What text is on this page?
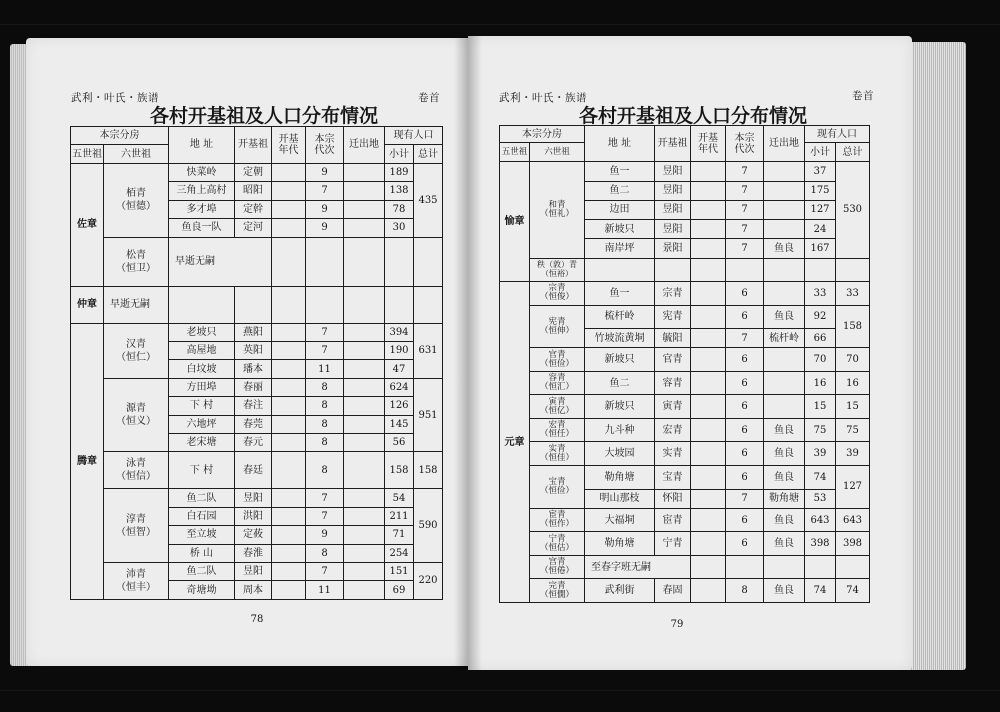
武利・叶氏・族谱	卷首
各村开基祖及人口分布情况
武利・叶氏・族谱	卷首
各村开基祖及人口分布情况
本宗分房		地 址	开基祖	开基
年代	本宗
代次	迁出地	现有人口	
五世祖	六世祖						小计	总计
佐章	栢青
（恒德）	快菜岭	定朝		9		189	435
		三角上高村	昭阳		7		138	
		多才埠	定幹		9		78	
		鱼良一队	定河		9		30	
	松青
（恒卫）	早逝无嗣						

仲章	早逝无嗣							
腾章	汉青
（恒仁）	老坡只	燕阳		7		394	631
		高屋地	英阳		7		190	
		白坟坡	璠本		11		47	
	源青
（恒义）	方田埠	春丽		8		624	951
		下 村	春注		8		126	
		六地坪	春莞		8		145	
		老宋塘	春元		8		56	
	泳青
（恒信）	下 村	春廷		8		158	158
	淳青
（恒智）	鱼二队	昱阳		7		54	590
		白石园	洪阳		7		211	
		至立坡	定莜		9		71	
		桥 山	春淮		8		254	
	沛青
（恒丰）	鱼二队	昱阳		7		151	220
		奇塘坳	周本		11		69	
本宗分房		地 址	开基祖	开基
年代	本宗
代次	迁出地	现有人口	
五世祖	六世祖						小计	总计
愉章	和青
（恒礼）	鱼一	昱阳		7		37	530
		鱼二	昱阳		7		175	
		边田	昱阳		7		127	
		新坡只	昱阳		7		24	
		南岸坪	景阳		7	鱼良	167	
	秩（敦）青
（恒裕）							
元章	宗青
（恒俊）	鱼一	宗青		6		33	33
	宪青
（恒伸）	梳杆岭	宪青		6	鱼良	92	158
		竹坡流黄垌	毓阳		7	梳杆岭	66	
	官青
（恒俭）	新坡只	官青		6		70	70
	容青
（恒汇）	鱼二	容青		6		16	16
	寅青
（恒亿）	新坡只	寅青		6		15	15
	宏青
（恒任）	九斗种	宏青		6	鱼良	75	75
	实青
（恒佳）	大坡园	实青		6	鱼良	39	39
	宝青
（恒俭）	勒角塘	宝青		6	鱼良	74	127
		明山那枝	怀阳		7	勒角塘	53	
	宦青
（恒作）	大福垌	宦青		6	鱼良	643	643
	宁青
（恒估）	勒角塘	宁青		6	鱼良	398	398
	宫青
（恒倦）	至春字班无嗣						
	完青
（恒僩）	武利街	春固		8	鱼良	74	74
78	79
